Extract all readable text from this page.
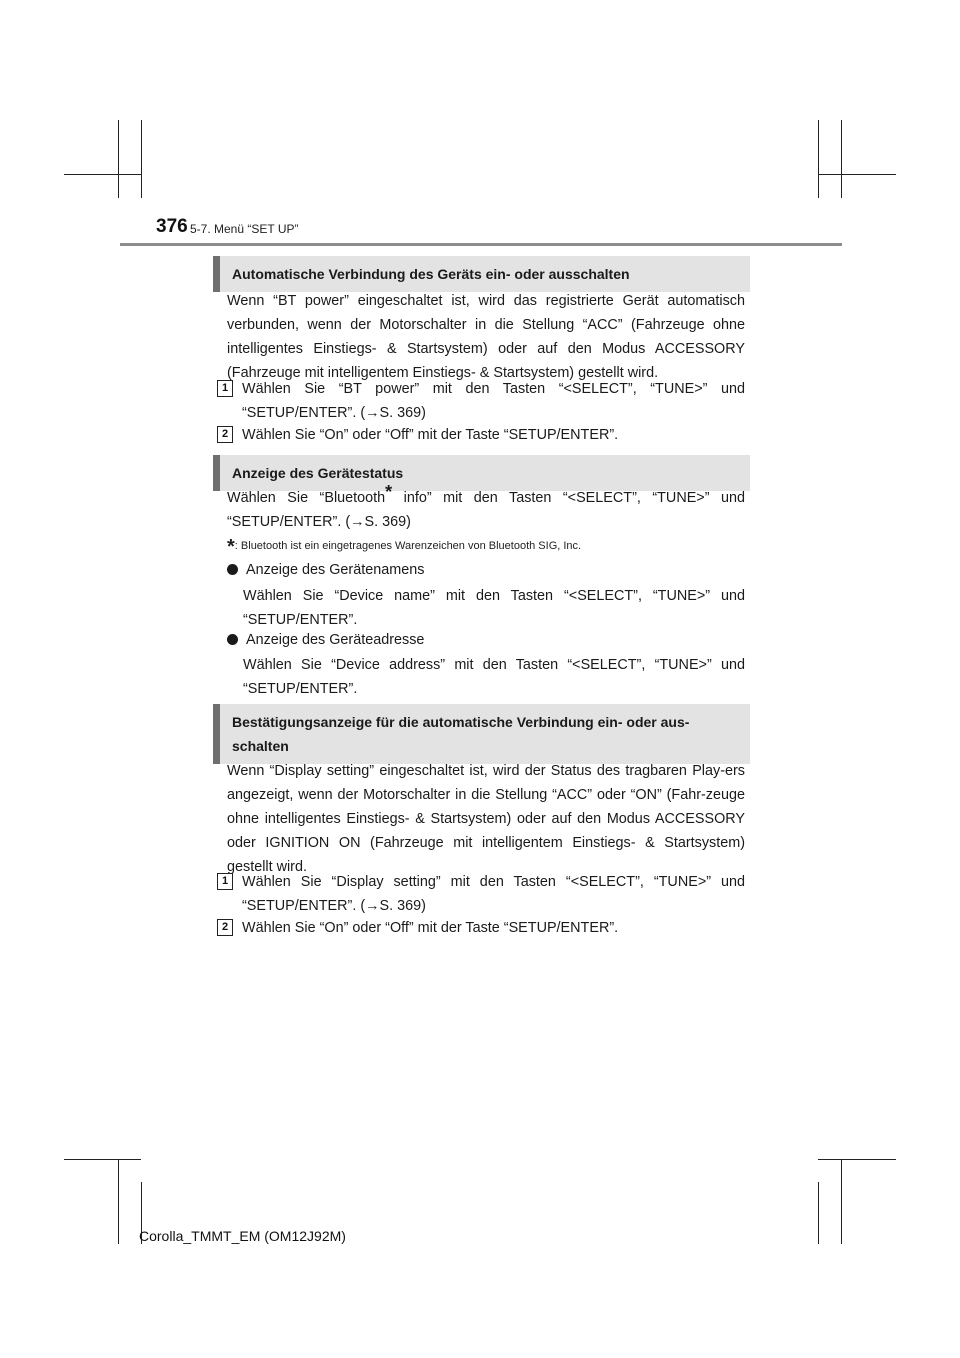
376 5-7. Menü “SET UP”
Automatische Verbindung des Geräts ein- oder ausschalten
Wenn “BT power” eingeschaltet ist, wird das registrierte Gerät automatisch verbunden, wenn der Motorschalter in die Stellung “ACC” (Fahrzeuge ohne intelligentes Einstiegs- & Startsystem) oder auf den Modus ACCESSORY (Fahrzeuge mit intelligentem Einstiegs- & Startsystem) gestellt wird.
1 Wählen Sie “BT power” mit den Tasten “<SELECT”, “TUNE>” und “SETUP/ENTER”. (→S. 369)
2 Wählen Sie “On” oder “Off” mit der Taste “SETUP/ENTER”.
Anzeige des Gerätestatus
Wählen Sie “Bluetooth* info” mit den Tasten “<SELECT”, “TUNE>” und “SETUP/ENTER”. (→S. 369)
*: Bluetooth ist ein eingetragenes Warenzeichen von Bluetooth SIG, Inc.
Anzeige des Gerätenamens
Wählen Sie “Device name” mit den Tasten “<SELECT”, “TUNE>” und “SETUP/ENTER”.
Anzeige des Geräteadresse
Wählen Sie “Device address” mit den Tasten “<SELECT”, “TUNE>” und “SETUP/ENTER”.
Bestätigungsanzeige für die automatische Verbindung ein- oder aus-schalten
Wenn “Display setting” eingeschaltet ist, wird der Status des tragbaren Play-ers angezeigt, wenn der Motorschalter in die Stellung “ACC” oder “ON” (Fahr-zeuge ohne intelligentes Einstiegs- & Startsystem) oder auf den Modus ACCESSORY oder IGNITION ON (Fahrzeuge mit intelligentem Einstiegs- & Startsystem) gestellt wird.
1 Wählen Sie “Display setting” mit den Tasten “<SELECT”, “TUNE>” und “SETUP/ENTER”. (→S. 369)
2 Wählen Sie “On” oder “Off” mit der Taste “SETUP/ENTER”.
Corolla_TMMT_EM (OM12J92M)
